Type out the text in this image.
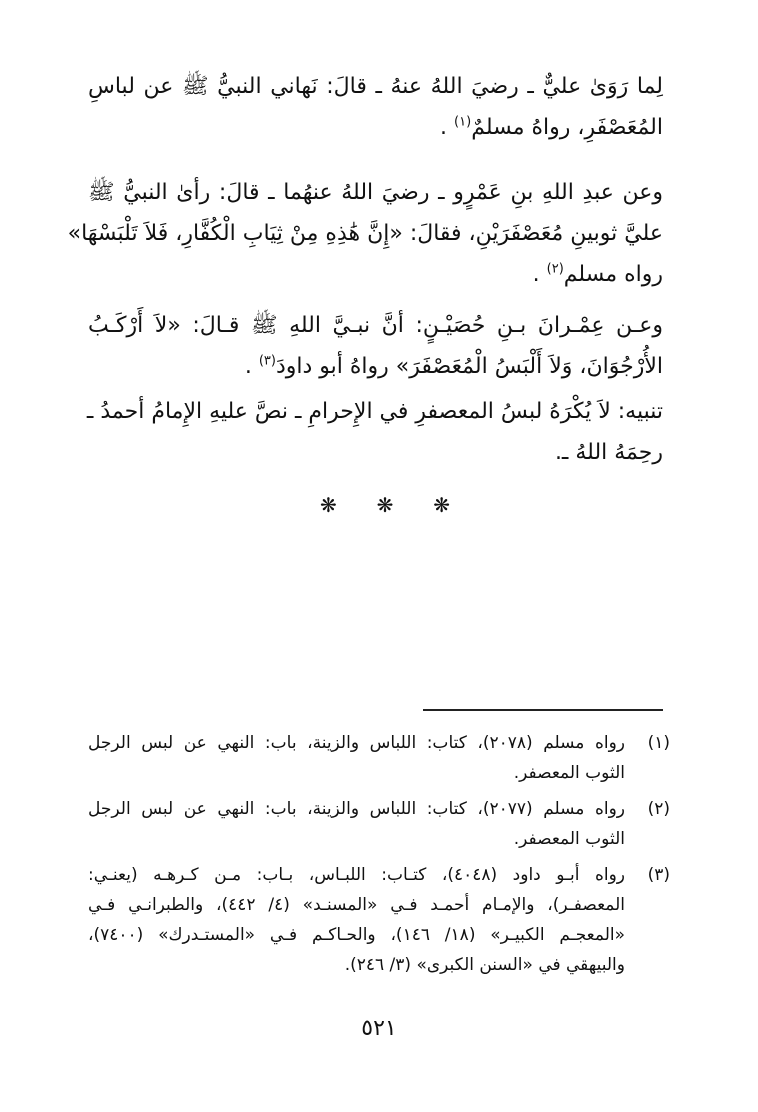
لِما رَوَىٰ عليٌّ ـ رضيَ اللهُ عنهُ ـ قالَ: نَهاني النبيُّ ﷺ عن لباسِ
المُعَصْفَرِ، رواهُ مسلمٌ$^{(١)}$ .
وعن عبدِ اللهِ بنِ عَمْرٍو ـ رضيَ اللهُ عنهُما ـ قالَ: رأىٰ النبيُّ ﷺ
عليَّ ثوبينِ مُعَصْفَرَيْنِ، فقالَ: «إِنَّ هَٰذِهِ مِنْ ثِيَابِ الْكُفَّارِ، فَلاَ تَلْبَسْهَا»
رواه مسلم$^{(٢)}$ .
وعـن عِمْـرانَ بـنِ حُصَيْـنٍ: أنَّ نبـيَّ اللهِ ﷺ قـالَ: «لاَ أَرْكَـبُ
الأُرْجُوَانَ، وَلاَ أَلْبَسُ الْمُعَصْفَرَ» رواهُ أبو داودَ$^{(٣)}$ .
تنبيه: لاَ يُكْرَهُ لبسُ المعصفرِ في الإِحرامِ ـ نصَّ عليهِ الإِمامُ أحمدُ ـ
رحِمَهُ اللهُ ـ.
❋ ❋ ❋
(١)
رواه مسلم (٢٠٧٨)، كتاب: اللباس والزينة، باب: النهي عن لبس الرجل
الثوب المعصفر.
(٢)
رواه مسلم (٢٠٧٧)، كتاب: اللباس والزينة، باب: النهي عن لبس الرجل
الثوب المعصفر.
(٣)
رواه أبـو داود (٤٠٤٨)، كتـاب: اللبـاس، بـاب: مـن كـرهـه (يعنـي:
المعصفـر)، والإمـام أحمـد فـي «المسنـد» (٤/ ٤٤٢)، والطبرانـي فـي
«المعجـم الكبيـر» (١٨/ ١٤٦)، والحـاكـم فـي «المستـدرك» (٧٤٠٠)،
والبيهقي في «السنن الكبرى» (٣/ ٢٤٦).
٥٢١
